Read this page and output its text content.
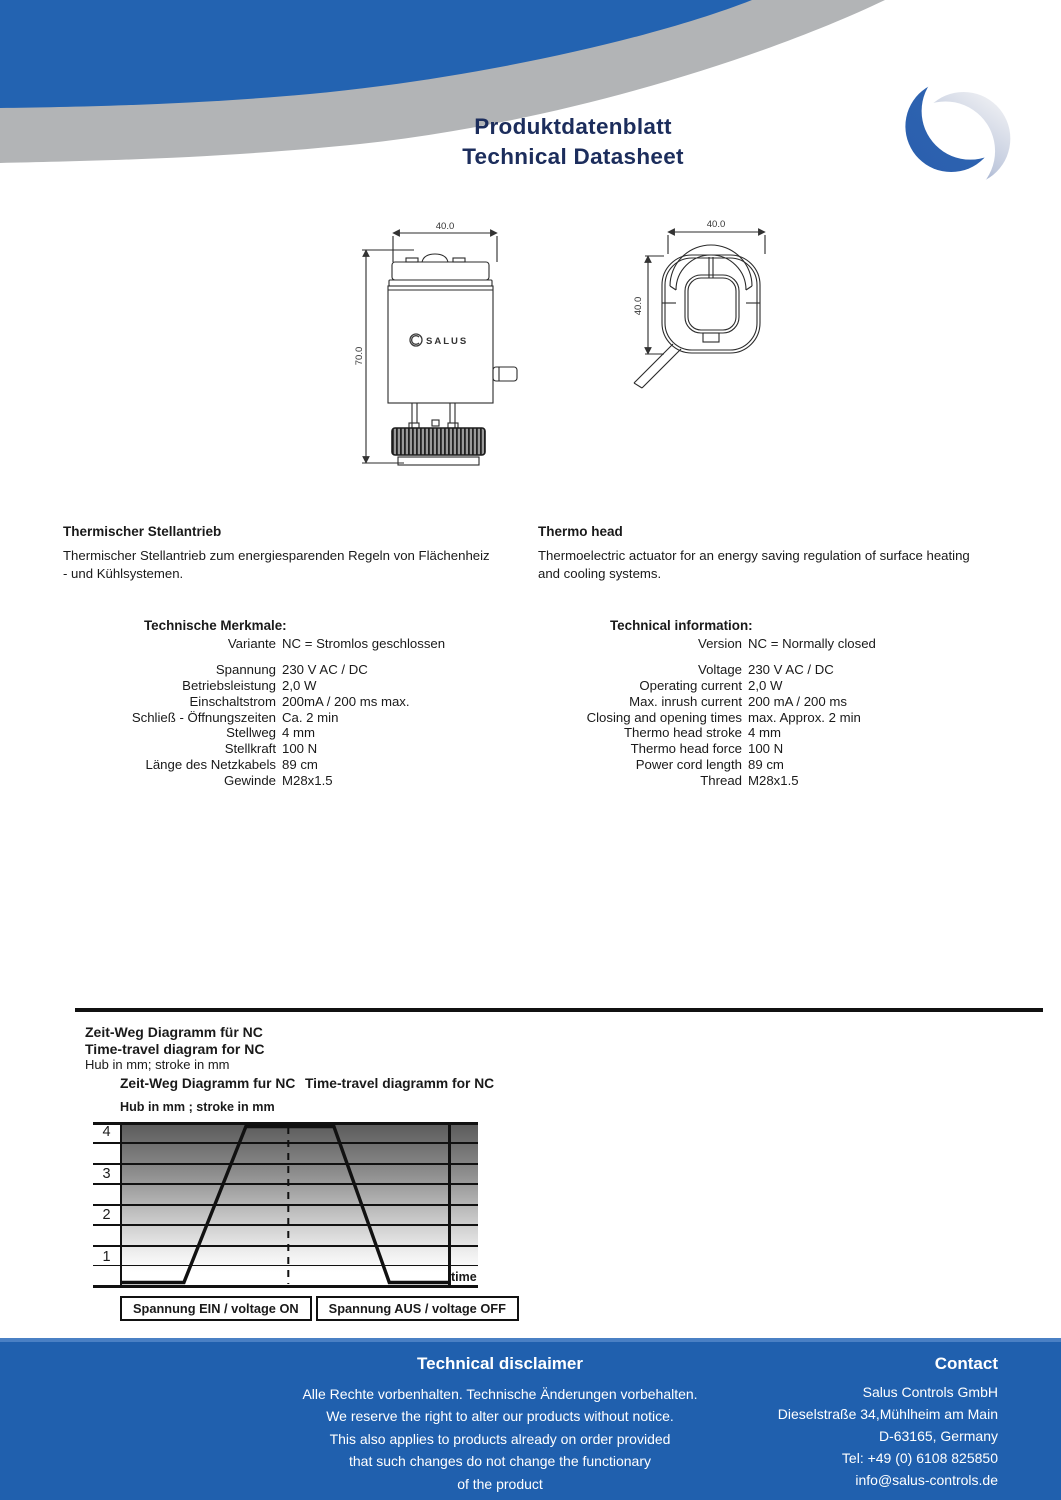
Produktdatenblatt
Technical Datasheet
SALUS
40.0
70.0
40.0
40.0
Thermischer Stellantrieb

Thermischer Stellantrieb zum energiesparenden Regeln von Flächenheiz - und Kühlsystemen.

Thermo head

Thermoelectric actuator for an energy saving regulation of surface heating and cooling systems.

Technische Merkmale:
Variante NC = Stromlos geschlossen
Spannung 230 V AC / DC
Betriebsleistung 2,0 W
Einschaltstrom 200mA / 200 ms max.
Schließ - Öffnungszeiten Ca. 2 min
Stellweg 4 mm
Stellkraft 100 N
Länge des Netzkabels 89 cm
Gewinde M28x1.5
Technical information:
Version NC = Normally closed
Voltage 230 V AC / DC
Operating current 2,0 W
Max. inrush current 200 mA / 200 ms
Closing and opening times max. Approx. 2 min
Thermo head stroke 4 mm
Thermo head force 100 N
Power cord length 89 cm
Thread M28x1.5
Zeit-Weg Diagramm für NC
Time-travel diagram for NC
Hub in mm; stroke in mm
Zeit-Weg Diagramm fur NC Time-travel diagramm for NC
Hub in mm ; stroke in mm
4
3
2
1
time
Spannung EIN / voltage ON Spannung AUS / voltage OFF
Technical disclaimer
Alle Rechte vorbenhalten. Technische Änderungen vorbehalten.
We reserve the right to alter our products without notice.
This also applies to products already on order provided
that such changes do not change the functionary
of the product
Contact
Salus Controls GmbH
Dieselstraße 34,Mühlheim am Main
D-63165, Germany
Tel: +49 (0) 6108 825850
info@salus-controls.de
